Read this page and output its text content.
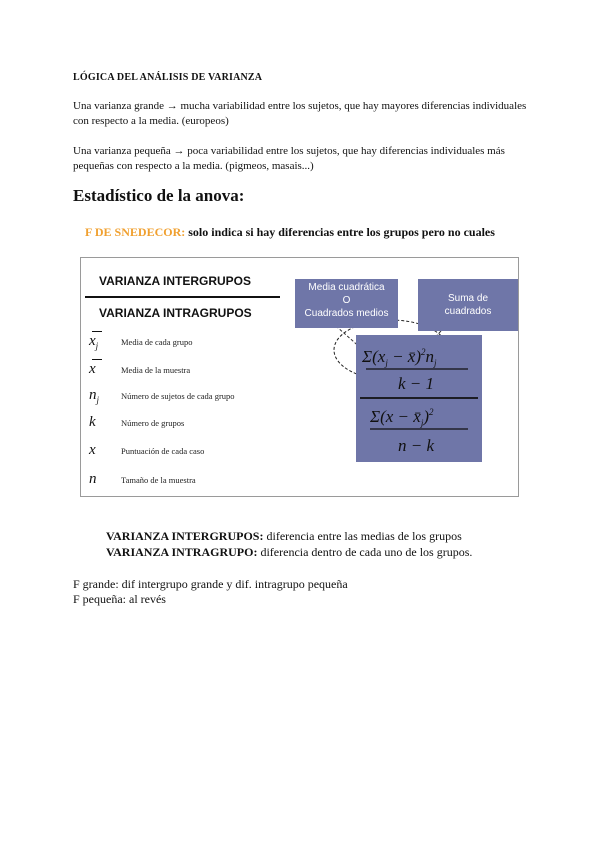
LÓGICA DEL ANÁLISIS DE VARIANZA
Una varianza grande → mucha variabilidad entre los sujetos, que hay mayores diferencias individuales con respecto a la media. (europeos)
Una varianza pequeña → poca variabilidad entre los sujetos, que hay diferencias individuales más pequeñas con respecto a la media. (pigmeos, masais...)
Estadístico de la anova:
F DE SNEDECOR: solo indica si hay diferencias entre los grupos pero no cuales
VARIANZA INTERGRUPOS
VARIANZA INTRAGRUPOS
$x_j$	Media de cada grupo
x	Media de la muestra
$n_j$	Número de sujetos de cada grupo
k	Número de grupos
x	Puntuación de cada caso
n	Tamaño de la muestra
Media cuadrática
O
Cuadrados medios
$\Sigma(x_j$ − $x̄)^2n_j$
k − 1
$\Sigma(x - x̄_j)^2$
n − k
Suma de cuadrados
VARIANZA INTERGRUPOS: diferencia entre las medias de los grupos
VARIANZA INTRAGRUPO: diferencia dentro de cada uno de los grupos.
F grande: dif intergrupo grande y dif. intragrupo pequeña
F pequeña: al revés
